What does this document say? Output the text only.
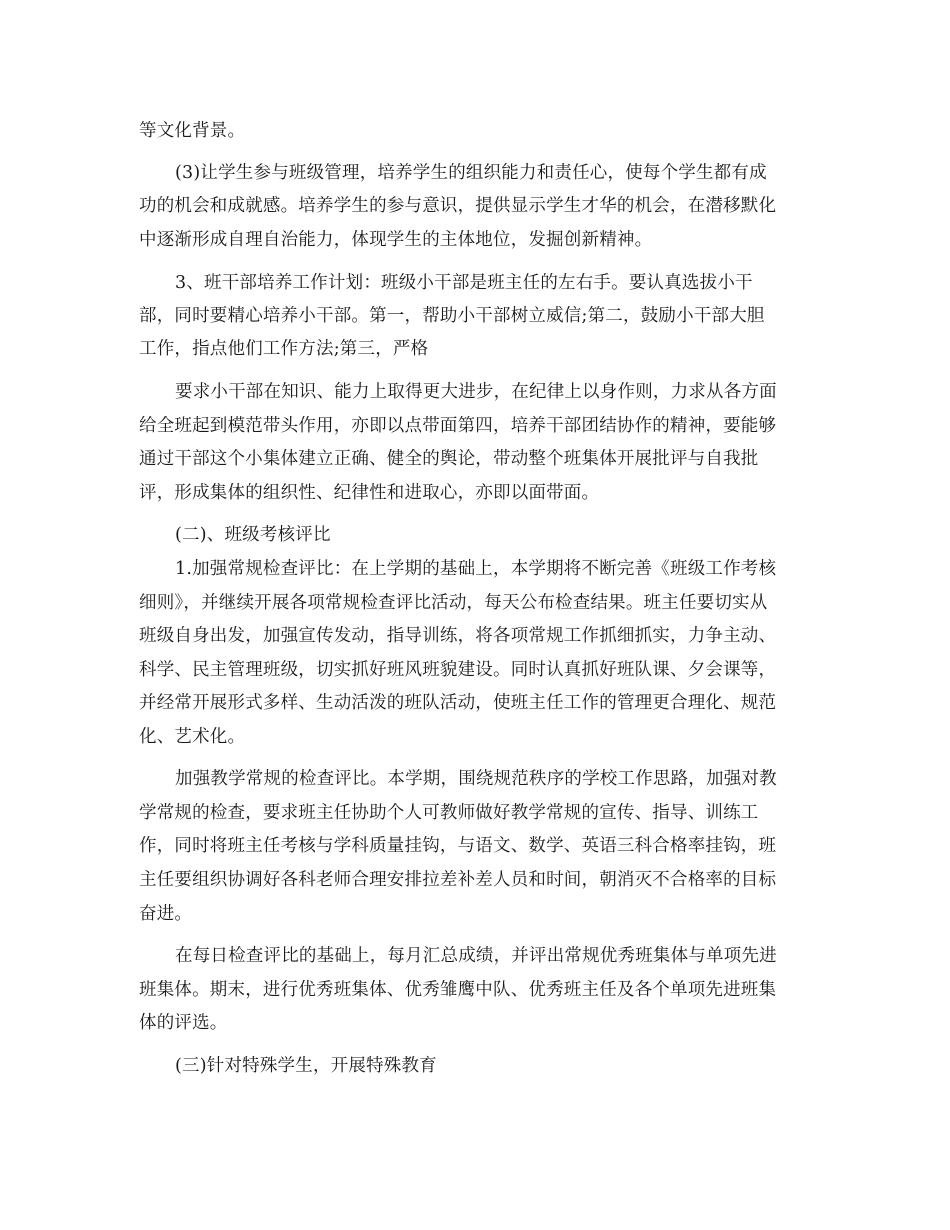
等文化背景。

(3)让学生参与班级管理，培养学生的组织能力和责任心，使每个学生都有成

功的机会和成就感。培养学生的参与意识，提供显示学生才华的机会，在潜移默化

中逐渐形成自理自治能力，体现学生的主体地位，发掘创新精神。

3、班干部培养工作计划：班级小干部是班主任的左右手。要认真选拔小干

部，同时要精心培养小干部。第一，帮助小干部树立威信;第二，鼓励小干部大胆

工作，指点他们工作方法;第三，严格

要求小干部在知识、能力上取得更大进步，在纪律上以身作则，力求从各方面

给全班起到模范带头作用，亦即以点带面第四，培养干部团结协作的精神，要能够

通过干部这个小集体建立正确、健全的舆论，带动整个班集体开展批评与自我批

评，形成集体的组织性、纪律性和进取心，亦即以面带面。

(二)、班级考核评比

1.加强常规检查评比：在上学期的基础上，本学期将不断完善《班级工作考核

细则》，并继续开展各项常规检查评比活动，每天公布检查结果。班主任要切实从

班级自身出发，加强宣传发动，指导训练，将各项常规工作抓细抓实，力争主动、

科学、民主管理班级，切实抓好班风班貌建设。同时认真抓好班队课、夕会课等，

并经常开展形式多样、生动活泼的班队活动，使班主任工作的管理更合理化、规范

化、艺术化。

加强教学常规的检查评比。本学期，围绕规范秩序的学校工作思路，加强对教

学常规的检查，要求班主任协助个人可教师做好教学常规的宣传、指导、训练工

作，同时将班主任考核与学科质量挂钩，与语文、数学、英语三科合格率挂钩，班

主任要组织协调好各科老师合理安排拉差补差人员和时间，朝消灭不合格率的目标

奋进。

在每日检查评比的基础上，每月汇总成绩，并评出常规优秀班集体与单项先进

班集体。期末，进行优秀班集体、优秀雏鹰中队、优秀班主任及各个单项先进班集

体的评选。

(三)针对特殊学生，开展特殊教育
